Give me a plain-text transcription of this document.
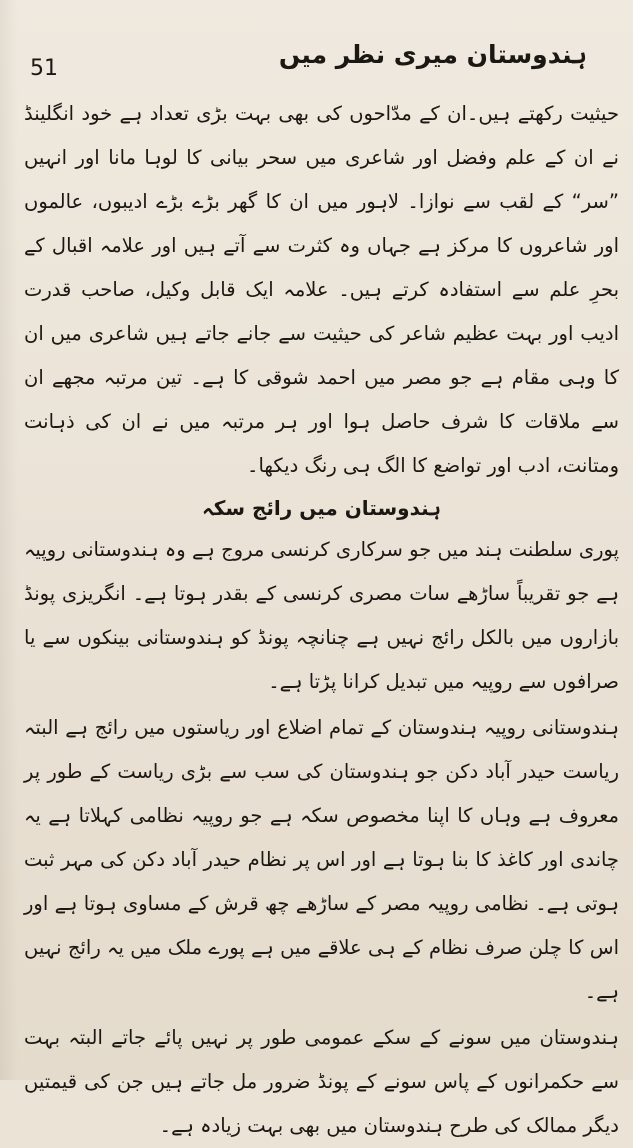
ہندوستان میری نظر میں
51

حیثیت رکھتے ہیں۔ان کے مدّاحوں کی بھی بہت بڑی تعداد ہے خود انگلینڈ نے ان کے علم وفضل اور شاعری میں سحر بیانی کا لوہا مانا اور انہیں ”سر“ کے لقب سے نوازا۔ لاہور میں ان کا گھر بڑے بڑے ادیبوں، عالموں اور شاعروں کا مرکز ہے جہاں وہ کثرت سے آتے ہیں اور علامہ اقبال کے بحرِ علم سے استفادہ کرتے ہیں۔ علامہ ایک قابل وکیل، صاحب قدرت ادیب اور بہت عظیم شاعر کی حیثیت سے جانے جاتے ہیں شاعری میں ان کا وہی مقام ہے جو مصر میں احمد شوقی کا ہے۔ تین مرتبہ مجھے ان سے ملاقات کا شرف حاصل ہوا اور ہر مرتبہ میں نے ان کی ذہانت ومتانت، ادب اور تواضع کا الگ ہی رنگ دیکھا۔

ہندوستان میں رائج سکہ

پوری سلطنت ہند میں جو سرکاری کرنسی مروج ہے وہ ہندوستانی روپیہ ہے جو تقریباً ساڑھے سات مصری کرنسی کے بقدر ہوتا ہے۔ انگریزی پونڈ بازاروں میں بالکل رائج نہیں ہے چنانچہ پونڈ کو ہندوستانی بینکوں سے یا صرافوں سے روپیہ میں تبدیل کرانا پڑتا ہے۔

ہندوستانی روپیہ ہندوستان کے تمام اضلاع اور ریاستوں میں رائج ہے البتہ ریاست حیدر آباد دکن جو ہندوستان کی سب سے بڑی ریاست کے طور پر معروف ہے وہاں کا اپنا مخصوص سکہ ہے جو روپیہ نظامی کہلاتا ہے یہ چاندی اور کاغذ کا بنا ہوتا ہے اور اس پر نظام حیدر آباد دکن کی مہر ثبت ہوتی ہے۔ نظامی روپیہ مصر کے ساڑھے چھ قرش کے مساوی ہوتا ہے اور اس کا چلن صرف نظام کے ہی علاقے میں ہے پورے ملک میں یہ رائج نہیں ہے۔

ہندوستان میں سونے کے سکے عمومی طور پر نہیں پائے جاتے البتہ بہت سے حکمرانوں کے پاس سونے کے پونڈ ضرور مل جاتے ہیں جن کی قیمتیں دیگر ممالک کی طرح ہندوستان میں بھی بہت زیادہ ہے۔
